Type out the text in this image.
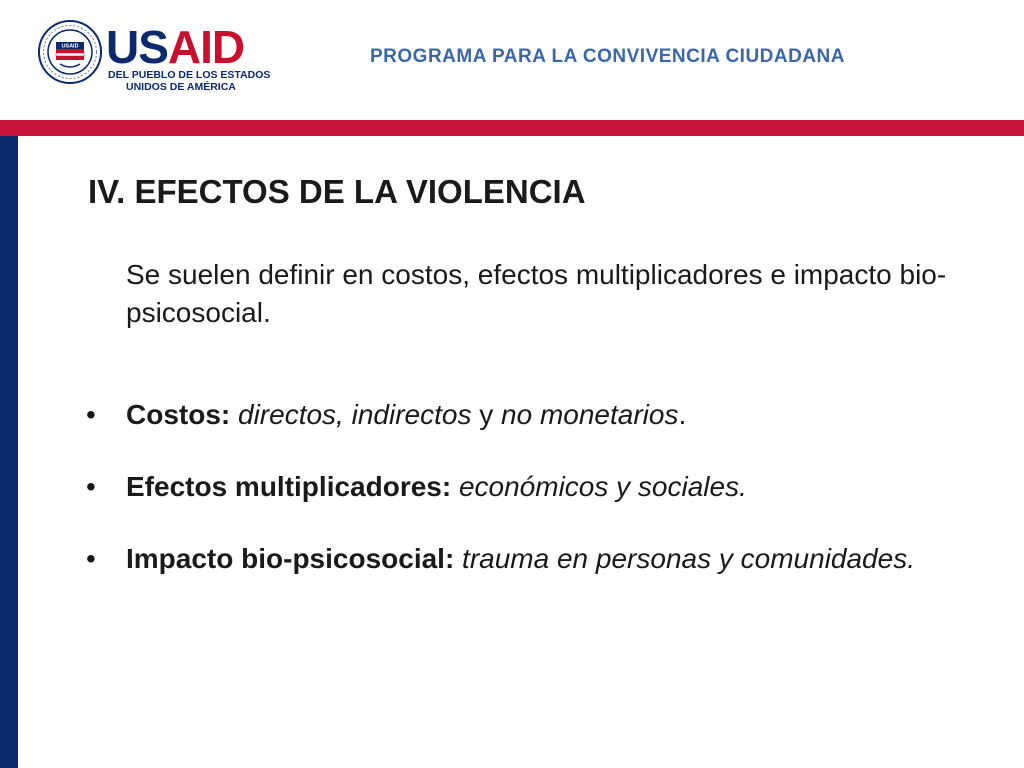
USAID USAID
DEL PUEBLO DE LOS ESTADOS
UNIDOS DE AMÉRICA
PROGRAMA PARA LA CONVIVENCIA CIUDADANA
IV. EFECTOS DE LA VIOLENCIA
Se suelen definir en costos, efectos multiplicadores e impacto bio-psicosocial.
• Costos: directos, indirectos y no monetarios.
• Efectos multiplicadores: económicos y sociales.
• Impacto bio-psicosocial: trauma en personas y comunidades.
